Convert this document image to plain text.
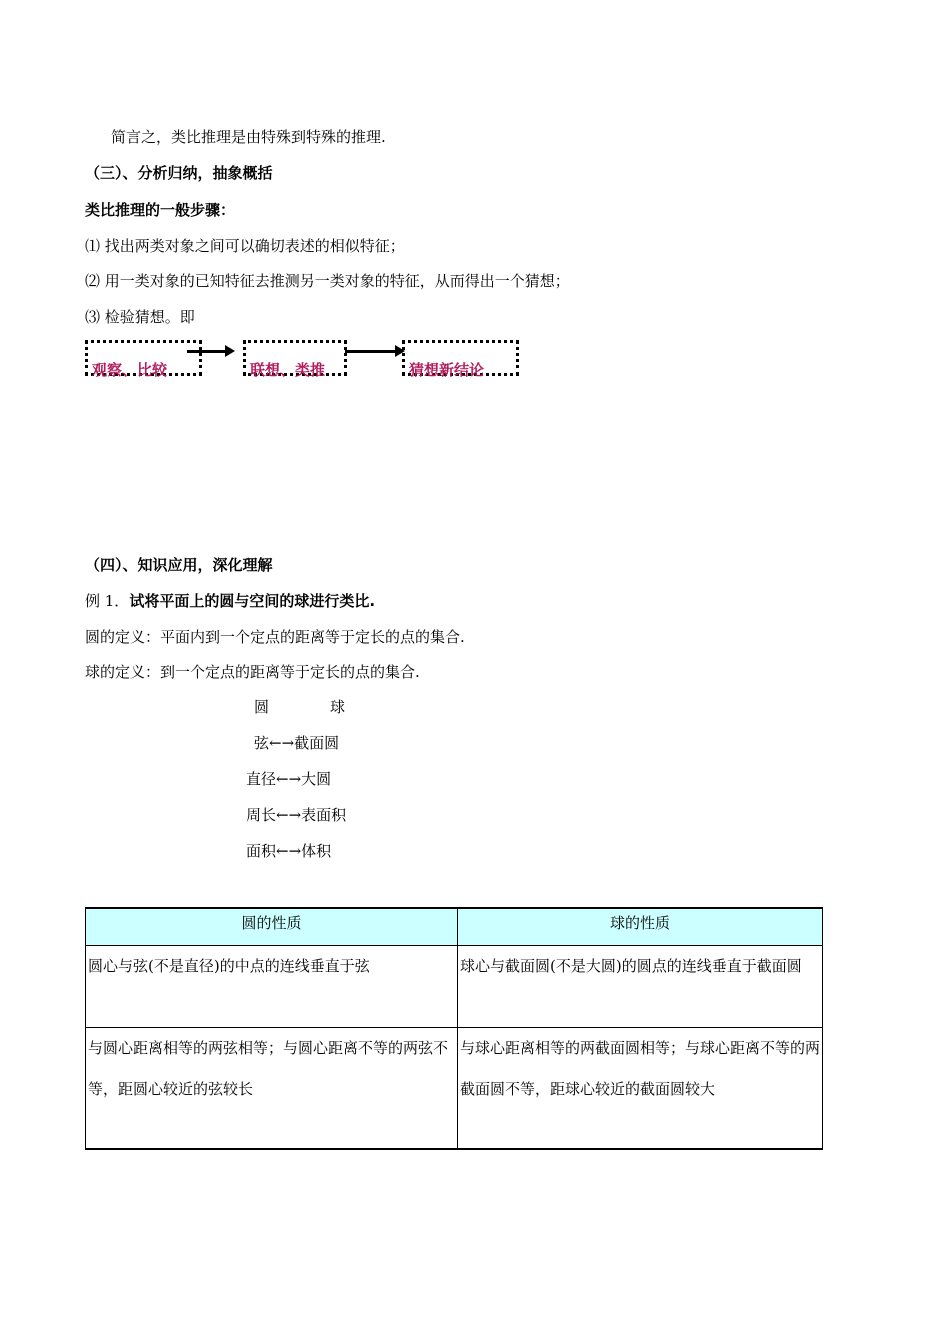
简言之，类比推理是由特殊到特殊的推理.
（三）、分析归纳，抽象概括
类比推理的一般步骤：
⑴ 找出两类对象之间可以确切表述的相似特征；
⑵ 用一类对象的已知特征去推测另一类对象的特征，从而得出一个猜想；
⑶ 检验猜想。即
观察、比较	联想、类推	猜想新结论
（四）、知识应用，深化理解
例 1．试将平面上的圆与空间的球进行类比.
圆的定义：平面内到一个定点的距离等于定长的点的集合.
球的定义：到一个定点的距离等于定长的点的集合.
圆	球
弦←→截面圆
直径←→大圆
周长←→表面积
面积←→体积
圆的性质	球的性质
圆心与弦(不是直径)的中点的连线垂直于弦	球心与截面圆(不是大圆)的圆点的连线垂直于截面圆
与圆心距离相等的两弦相等；与圆心距离不等的两弦不等，距圆心较近的弦较长	与球心距离相等的两截面圆相等；与球心距离不等的两截面圆不等，距球心较近的截面圆较大
